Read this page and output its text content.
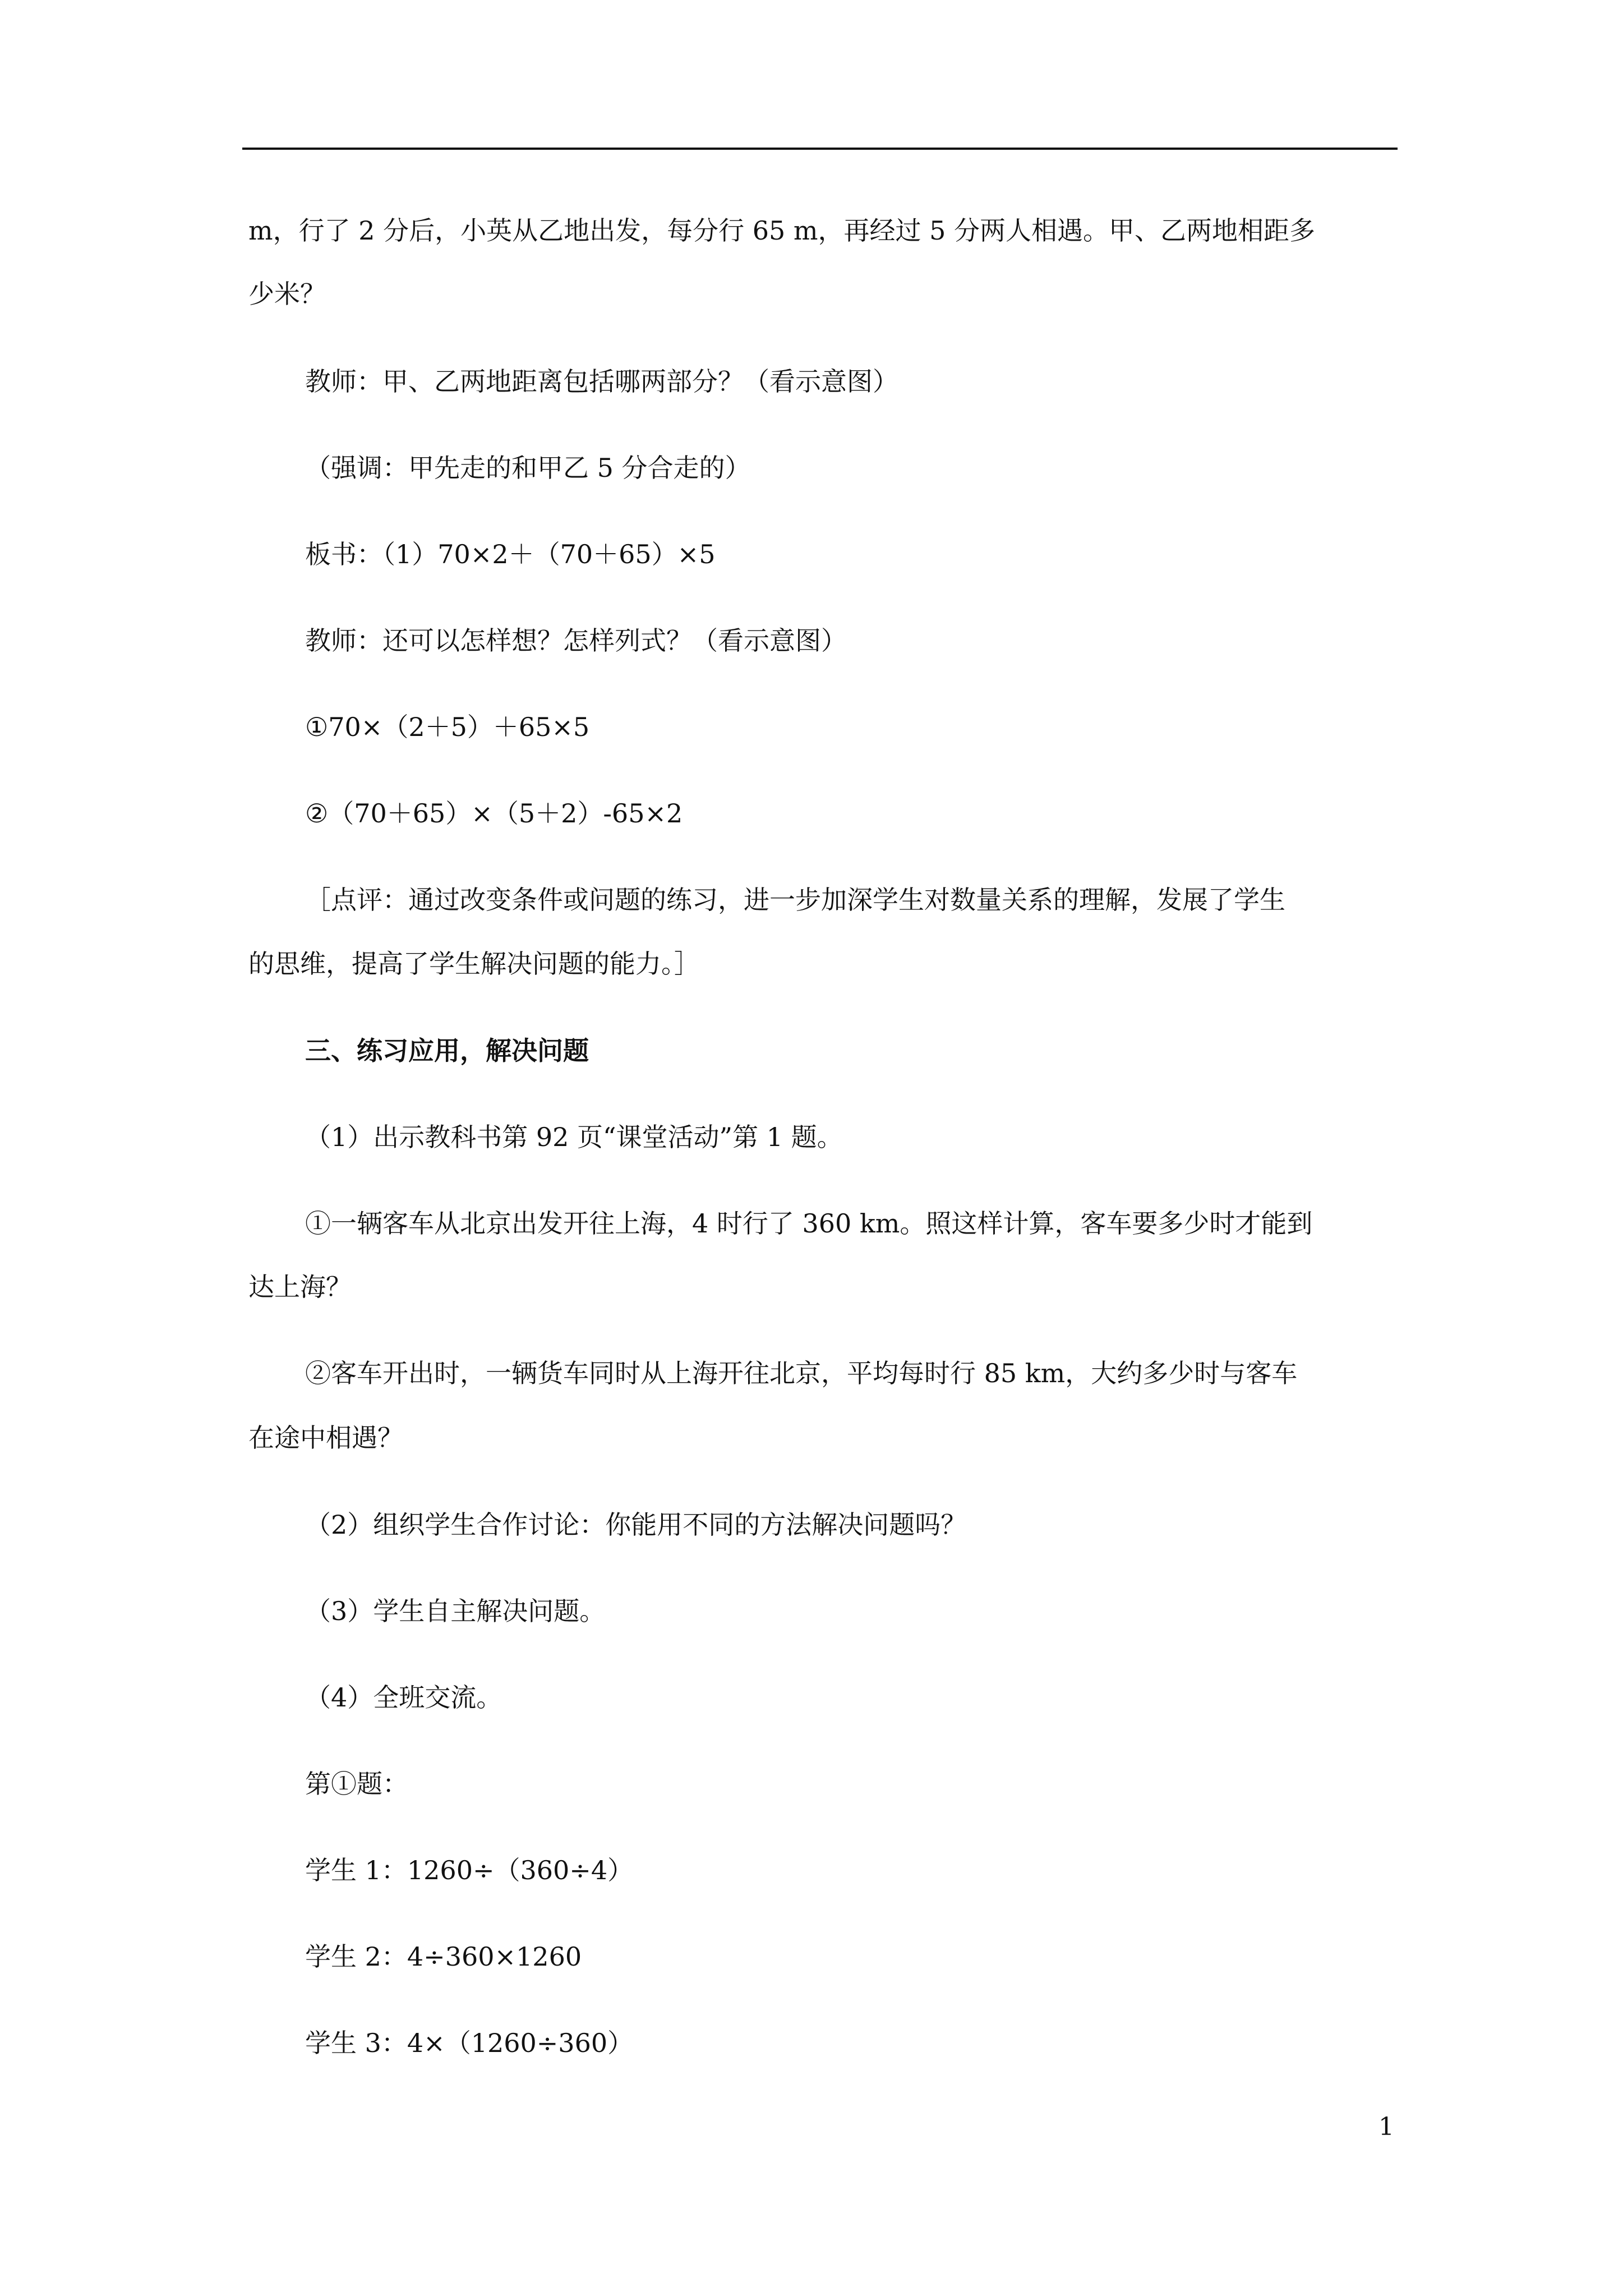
m，行了 2 分后，小英从乙地出发，每分行 65 m，再经过 5 分两人相遇。甲、乙两地相距多
少米？
教师：甲、乙两地距离包括哪两部分？（看示意图）
（强调：甲先走的和甲乙 5 分合走的）
板书：（1）70×2＋（70＋65）×5
教师：还可以怎样想？怎样列式？（看示意图）
①70×（2＋5）＋65×5
②（70＋65）×（5＋2）-65×2
［点评：通过改变条件或问题的练习，进一步加深学生对数量关系的理解，发展了学生
的思维，提高了学生解决问题的能力。］
三、练习应用，解决问题
（1）出示教科书第 92 页“课堂活动”第 1 题。
①一辆客车从北京出发开往上海，4 时行了 360 km。照这样计算，客车要多少时才能到
达上海？
②客车开出时，一辆货车同时从上海开往北京，平均每时行 85 km，大约多少时与客车
在途中相遇？
（2）组织学生合作讨论：你能用不同的方法解决问题吗？
（3）学生自主解决问题。
（4）全班交流。
第①题：
学生 1：1260÷（360÷4）
学生 2：4÷360×1260
学生 3：4×（1260÷360）
1
